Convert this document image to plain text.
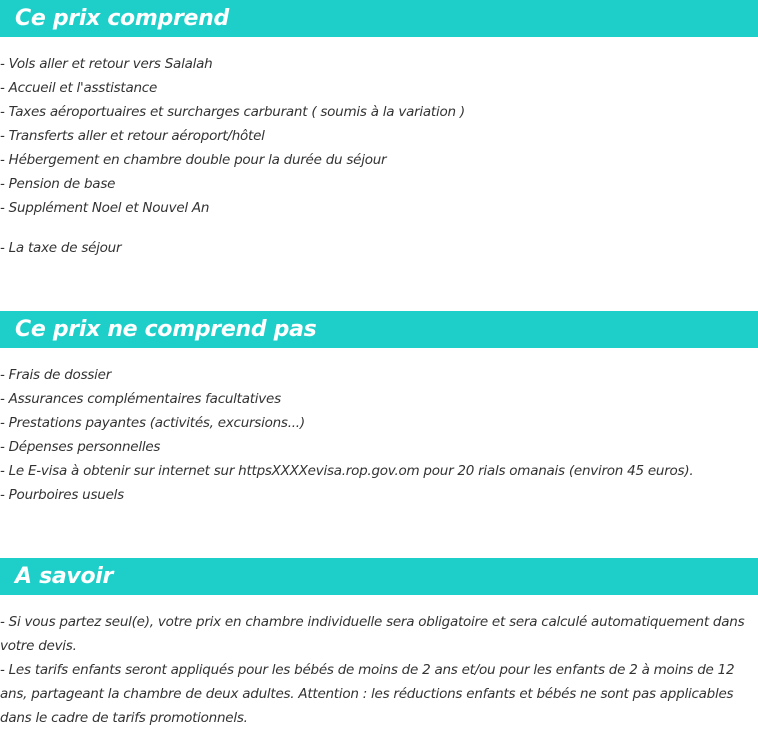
Ce prix comprend
- Vols aller et retour vers Salalah
- Accueil et l'asstistance
- Taxes aéroportuaires et surcharges carburant ( soumis à la variation )
- Transferts aller et retour aéroport/hôtel
- Hébergement en chambre double pour la durée du séjour
- Pension de base
- Supplément Noel et Nouvel An
- La taxe de séjour
Ce prix ne comprend pas
- Frais de dossier
- Assurances complémentaires facultatives
- Prestations payantes (activités, excursions...)
- Dépenses personnelles
- Le E-visa à obtenir sur internet sur httpsXXXXevisa.rop.gov.om pour 20 rials omanais (environ 45 euros).
- Pourboires usuels
A savoir

- Si vous partez seul(e), votre prix en chambre individuelle sera obligatoire et sera calculé automatiquement dans votre devis.

- Les tarifs enfants seront appliqués pour les bébés de moins de 2 ans et/ou pour les enfants de 2 à moins de 12 ans, partageant la chambre de deux adultes. Attention : les réductions enfants et bébés ne sont pas applicables dans le cadre de tarifs promotionnels.
